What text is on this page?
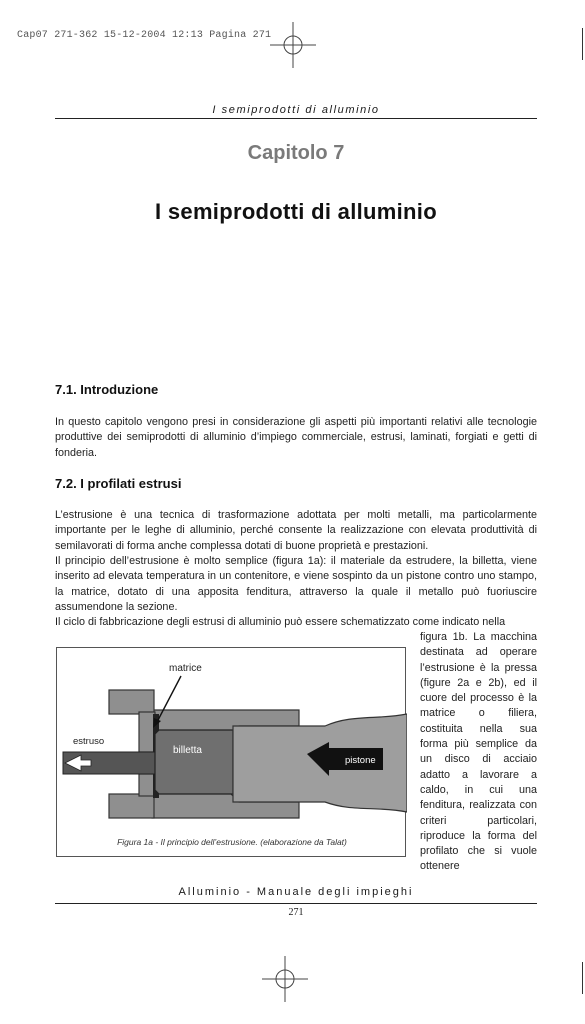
Cap07 271-362 15-12-2004 12:13 Pagina 271
I semiprodotti di alluminio
Capitolo 7
I semiprodotti di alluminio
7.1. Introduzione

In questo capitolo vengono presi in considerazione gli aspetti più importanti relativi alle tecnologie produttive dei semiprodotti di alluminio d’impiego commerciale, estrusi, laminati, forgiati e getti di fonderia.

7.2. I profilati estrusi

L’estrusione è una tecnica di trasformazione adottata per molti metalli, ma particolarmente importante per le leghe di alluminio, perché consente la realizzazione con elevata produttività di semilavorati di forma anche complessa dotati di buone proprietà e prestazioni.

Il principio dell’estrusione è molto semplice (figura 1a): il materiale da estrudere, la billetta, viene inserito ad elevata temperatura in un contenitore, e viene sospinto da un pistone contro uno stampo, la matrice, dotato di una apposita fenditura, attraverso la quale il metallo può fuoriuscire assumendone la sezione.

Il ciclo di fabbricazione degli estrusi di alluminio può essere schematizzato come indicato nella

figura 1b. La macchina destinata ad operare l’estrusione è la pressa (figure 2a e 2b), ed il cuore del processo è la matrice o filiera, costituita nella sua forma più semplice da un disco di acciaio adatto a lavorare a caldo, in cui una fenditura, realizzata con criteri particolari, riproduce la forma del profilato che si vuole ottenere

matrice
estruso
billetta
pistone
Figura 1a - Il principio dell’estrusione. (elaborazione da Talat)
Alluminio - Manuale degli impieghi
271
